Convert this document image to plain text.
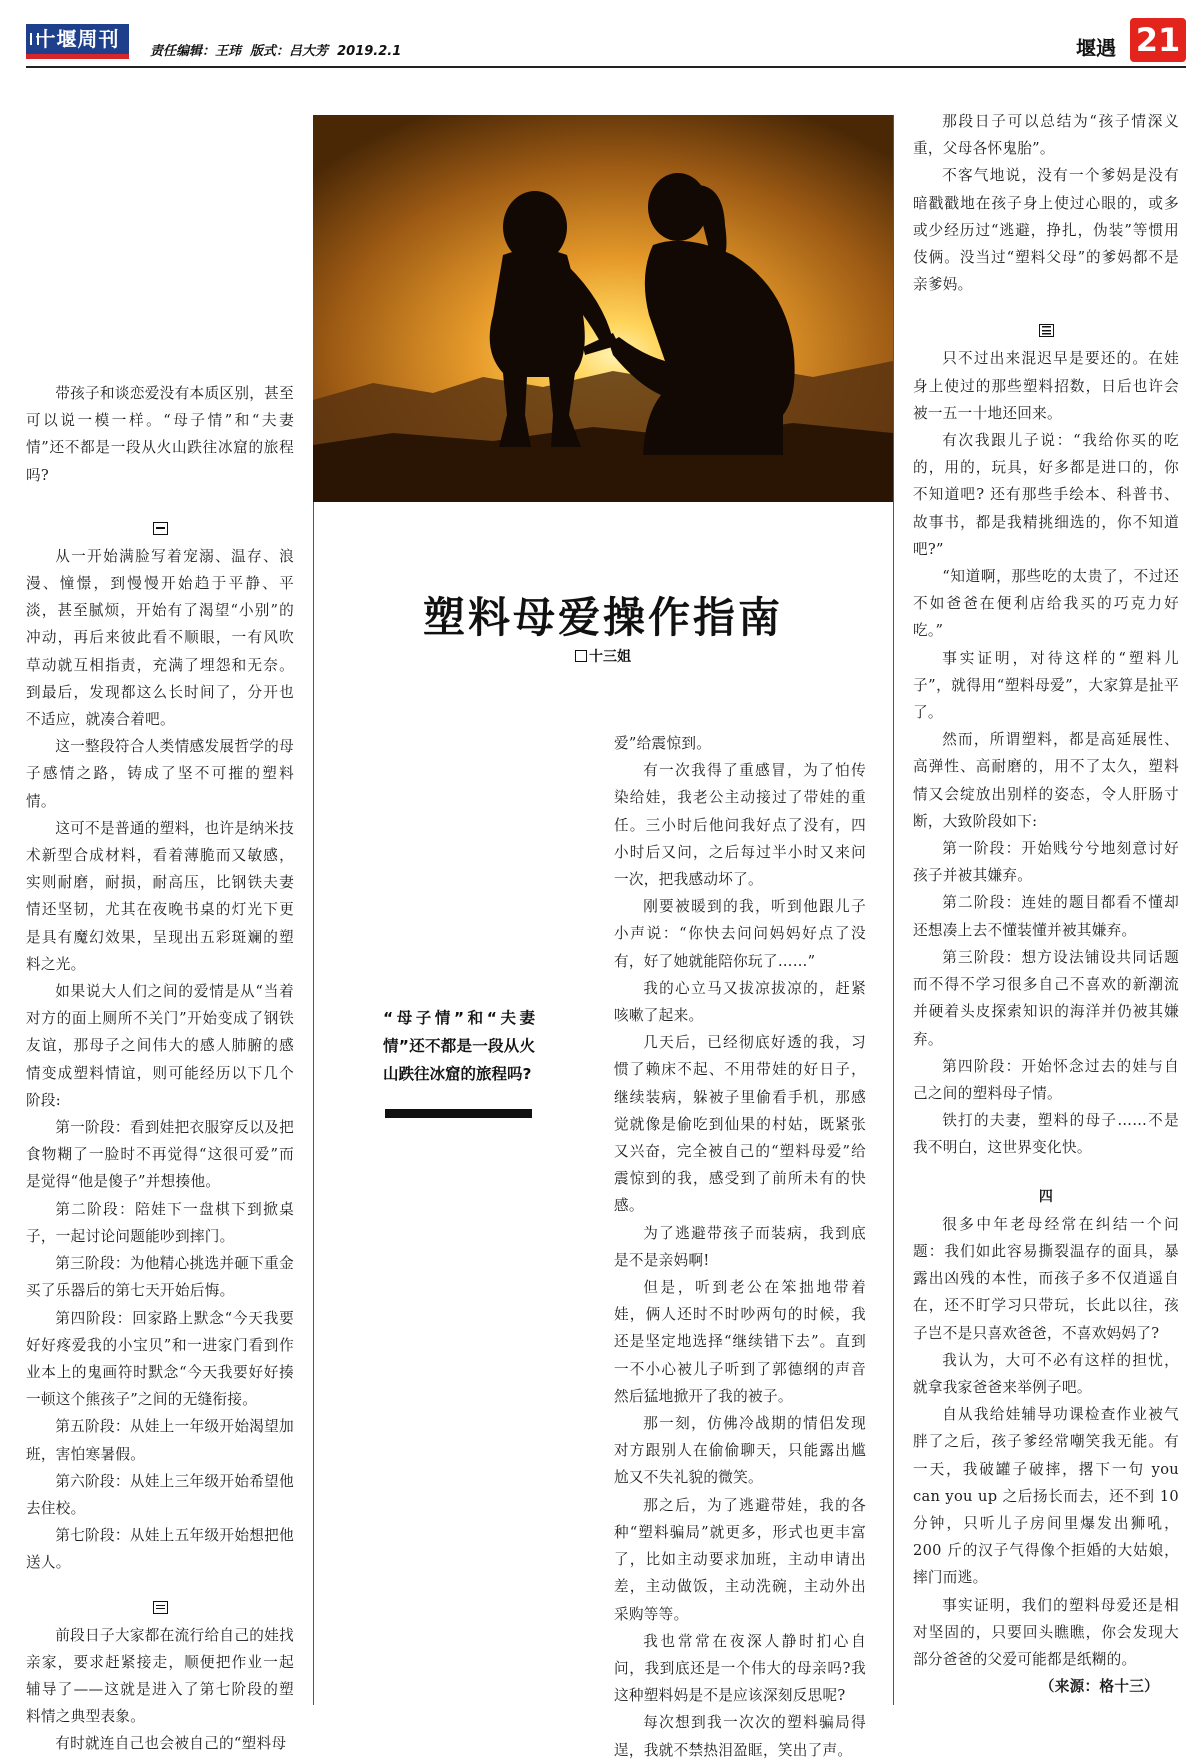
十堰周刊
责任编辑：王玮  版式：吕大芳  2019.2.1	堰遇 21

带孩子和谈恋爱没有本质区别，甚至可以说一模一样。“母子情”和“夫妻情”还不都是一段从火山跌往冰窟的旅程吗?

从一开始满脸写着宠溺、温存、浪漫、憧憬，到慢慢开始趋于平静、平淡，甚至腻烦，开始有了渴望“小别”的冲动，再后来彼此看不顺眼，一有风吹草动就互相指责，充满了埋怨和无奈。到最后，发现都这么长时间了，分开也不适应，就凑合着吧。

这一整段符合人类情感发展哲学的母子感情之路，铸成了坚不可摧的塑料情。

这可不是普通的塑料，也许是纳米技术新型合成材料，看着薄脆而又敏感，实则耐磨，耐损，耐高压，比钢铁夫妻情还坚韧，尤其在夜晚书桌的灯光下更是具有魔幻效果，呈现出五彩斑斓的塑料之光。

如果说大人们之间的爱情是从“当着对方的面上厕所不关门”开始变成了钢铁友谊，那母子之间伟大的感人肺腑的感情变成塑料情谊，则可能经历以下几个阶段:

第一阶段：看到娃把衣服穿反以及把食物糊了一脸时不再觉得“这很可爱”而是觉得“他是傻子”并想揍他。

第二阶段：陪娃下一盘棋下到掀桌子，一起讨论问题能吵到摔门。

第三阶段：为他精心挑选并砸下重金买了乐器后的第七天开始后悔。

第四阶段：回家路上默念“今天我要好好疼爱我的小宝贝”和一进家门看到作业本上的鬼画符时默念“今天我要好好揍一顿这个熊孩子”之间的无缝衔接。

第五阶段：从娃上一年级开始渴望加班，害怕寒暑假。

第六阶段：从娃上三年级开始希望他去住校。

第七阶段：从娃上五年级开始想把他送人。

前段日子大家都在流行给自己的娃找亲家，要求赶紧接走，顺便把作业一起辅导了——这就是进入了第七阶段的塑料情之典型表象。

有时就连自己也会被自己的“塑料母

塑料母爱操作指南
十三姐
“母子情”和“夫妻情”还不都是一段从火山跌往冰窟的旅程吗?

爱”给震惊到。

有一次我得了重感冒，为了怕传染给娃，我老公主动接过了带娃的重任。三小时后他问我好点了没有，四小时后又问，之后每过半小时又来问一次，把我感动坏了。

刚要被暖到的我，听到他跟儿子小声说：“你快去问问妈妈好点了没有，好了她就能陪你玩了……”

我的心立马又拔凉拔凉的，赶紧咳嗽了起来。

几天后，已经彻底好透的我，习惯了赖床不起、不用带娃的好日子，继续装病，躲被子里偷看手机，那感觉就像是偷吃到仙果的村姑，既紧张又兴奋，完全被自己的“塑料母爱”给震惊到的我，感受到了前所未有的快感。

为了逃避带孩子而装病，我到底是不是亲妈啊!

但是，听到老公在笨拙地带着娃，俩人还时不时吵两句的时候，我还是坚定地选择“继续错下去”。直到一不小心被儿子听到了郭德纲的声音然后猛地掀开了我的被子。

那一刻，仿佛冷战期的情侣发现对方跟别人在偷偷聊天，只能露出尴尬又不失礼貌的微笑。

那之后，为了逃避带娃，我的各种“塑料骗局”就更多，形式也更丰富了，比如主动要求加班，主动申请出差，主动做饭，主动洗碗，主动外出采购等等。

我也常常在夜深人静时扪心自问，我到底还是一个伟大的母亲吗?我这种塑料妈是不是应该深刻反思呢?

每次想到我一次次的塑料骗局得逞，我就不禁热泪盈眶，笑出了声。

那段日子可以总结为“孩子情深义重，父母各怀鬼胎”。

不客气地说，没有一个爹妈是没有暗戳戳地在孩子身上使过心眼的，或多或少经历过“逃避，挣扎，伪装”等惯用伎俩。没当过“塑料父母”的爹妈都不是亲爹妈。

只不过出来混迟早是要还的。在娃身上使过的那些塑料招数，日后也许会被一五一十地还回来。

有次我跟儿子说：“我给你买的吃的，用的，玩具，好多都是进口的，你不知道吧? 还有那些手绘本、科普书、故事书，都是我精挑细选的，你不知道吧?”

“知道啊，那些吃的太贵了，不过还不如爸爸在便利店给我买的巧克力好吃。”

事实证明，对待这样的“塑料儿子”，就得用“塑料母爱”，大家算是扯平了。

然而，所谓塑料，都是高延展性、高弹性、高耐磨的，用不了太久，塑料情又会绽放出别样的姿态，令人肝肠寸断，大致阶段如下:

第一阶段：开始贱兮兮地刻意讨好孩子并被其嫌弃。

第二阶段：连娃的题目都看不懂却还想凑上去不懂装懂并被其嫌弃。

第三阶段：想方设法铺设共同话题而不得不学习很多自己不喜欢的新潮流并硬着头皮探索知识的海洋并仍被其嫌弃。

第四阶段：开始怀念过去的娃与自己之间的塑料母子情。

铁打的夫妻，塑料的母子……不是我不明白，这世界变化快。

四

很多中年老母经常在纠结一个问题：我们如此容易撕裂温存的面具，暴露出凶残的本性，而孩子多不仅逍遥自在，还不盯学习只带玩，长此以往，孩子岂不是只喜欢爸爸，不喜欢妈妈了?

我认为，大可不必有这样的担忧，就拿我家爸爸来举例子吧。

自从我给娃辅导功课检查作业被气胖了之后，孩子爹经常嘲笑我无能。有一天，我破罐子破摔，撂下一句 you can you up 之后扬长而去，还不到 10 分钟，只听儿子房间里爆发出狮吼，200 斤的汉子气得像个拒婚的大姑娘，摔门而逃。

事实证明，我们的塑料母爱还是相对坚固的，只要回头瞧瞧，你会发现大部分爸爸的父爱可能都是纸糊的。

（来源：格十三）
